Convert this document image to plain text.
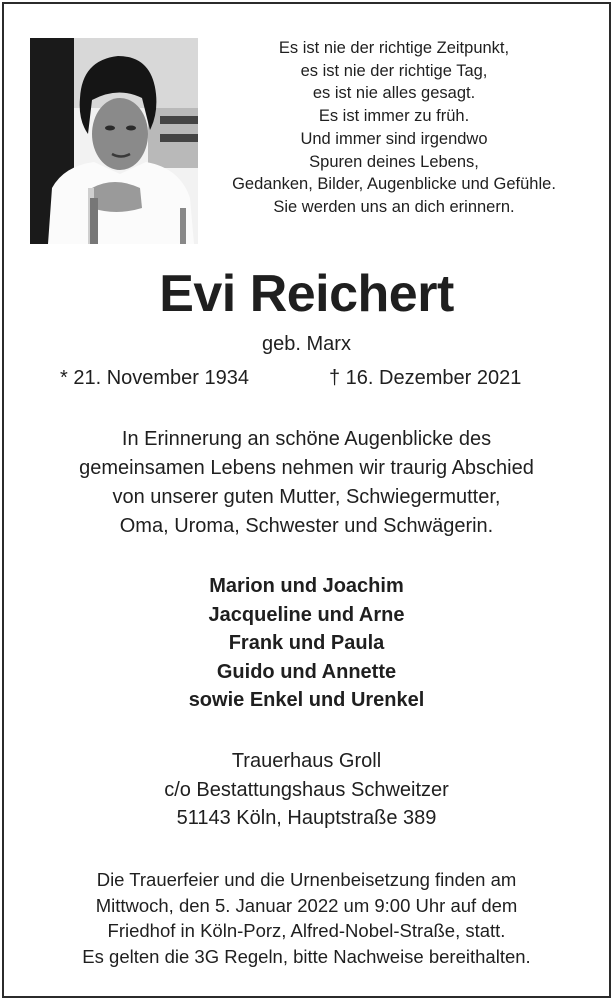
Es ist nie der richtige Zeitpunkt,
es ist nie der richtige Tag,
es ist nie alles gesagt.
Es ist immer zu früh.
Und immer sind irgendwo
Spuren deines Lebens,
Gedanken, Bilder, Augenblicke und Gefühle.
Sie werden uns an dich erinnern.
Evi Reichert
geb. Marx
* 21. November 1934	† 16. Dezember 2021
In Erinnerung an schöne Augenblicke des
gemeinsamen Lebens nehmen wir traurig Abschied
von unserer guten Mutter, Schwiegermutter,
Oma, Uroma, Schwester und Schwägerin.
Marion und Joachim
Jacqueline und Arne
Frank und Paula
Guido und Annette
sowie Enkel und Urenkel
Trauerhaus Groll
c/o Bestattungshaus Schweitzer
51143 Köln, Hauptstraße 389
Die Trauerfeier und die Urnenbeisetzung finden am
Mittwoch, den 5. Januar 2022 um 9:00 Uhr auf dem
Friedhof in Köln-Porz, Alfred-Nobel-Straße, statt.
Es gelten die 3G Regeln, bitte Nachweise bereithalten.
